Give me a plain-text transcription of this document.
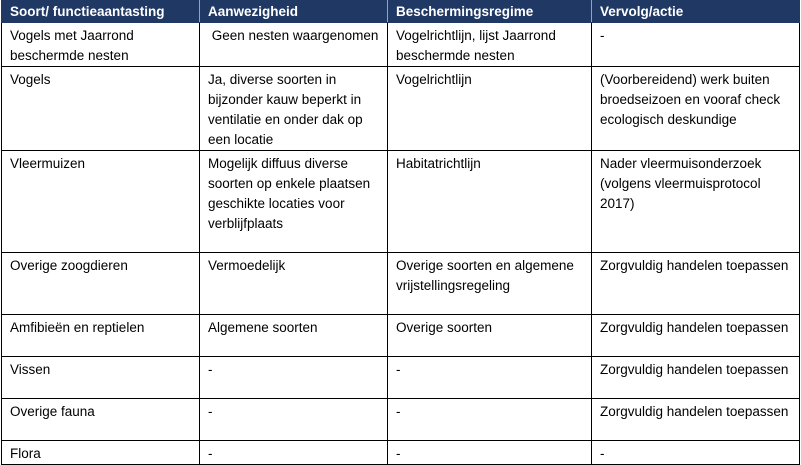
Soort/ functieaantasting	Aanwezigheid	Beschermingsregime	Vervolg/actie
Vogels met Jaarrond beschermde nesten	Geen nesten waargenomen	Vogelrichtlijn, lijst Jaarrond beschermde nesten	-
Vogels	Ja, diverse soorten in bijzonder kauw beperkt in ventilatie en onder dak op een locatie	Vogelrichtlijn	(Voorbereidend) werk buiten broedseizoen en vooraf check ecologisch deskundige
Vleermuizen	Mogelijk diffuus diverse soorten op enkele plaatsen geschikte locaties voor verblijfplaats	Habitatrichtlijn	Nader vleermuisonderzoek (volgens vleermuisprotocol 2017)
Overige zoogdieren	Vermoedelijk	Overige soorten en algemene vrijstellingsregeling	Zorgvuldig handelen toepassen
Amfibieën en reptielen	Algemene soorten	Overige soorten	Zorgvuldig handelen toepassen
Vissen	-	-	Zorgvuldig handelen toepassen
Overige fauna	-	-	Zorgvuldig handelen toepassen
Flora	-	-	-
